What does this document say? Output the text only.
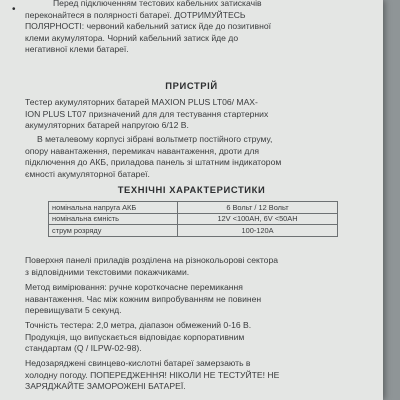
•

Перед підключенням тестових кабельних затискачів
переконайтеся в полярності батареї. ДОТРИМУЙТЕСЬ
ПОЛЯРНОСТІ: червоний кабельний затиск йде до позитивної
клеми акумулятора. Чорний кабельний затиск йде до
негативної клеми батареї.

ПРИСТРІЙ

Тестер акумуляторних батарей MAXION PLUS LT06/ MAX-
ION PLUS LT07 призначений для для тестування стартерних
акумуляторних батарей напругою 6/12 В.

В металевому корпусі зібрані вольтметр постійного струму,
опору навантаження, перемикач навантаження, дроти для
підключення до АКБ, приладова панель зі штатним індикатором
ємності акумуляторної батареї.

ТЕХНІЧНІ ХАРАКТЕРИСТИКИ
номінальна напруга АКБ	6 Вольт / 12 Вольт
номінальна ємність	12V <100AH, 6V <50AH
струм розряду	100-120A

Поверхня панелі приладів розділена на різнокольорові сектора
з відповідними текстовими покажчиками.

Метод вимірювання: ручне короткочасне перемикання
навантаження. Час між кожним випробуванням не повинен
перевищувати 5 секунд.

Точність тестера: 2,0 метра, діапазон обмежений 0-16 В.
Продукція, що випускається відповідає корпоративним
стандартам (Q / ILPW-02-98).

Недозаряджені свинцево-кислотні батареї замерзають в
холодну погоду. ПОПЕРЕДЖЕННЯ! НІКОЛИ НЕ ТЕСТУЙТЕ! НЕ
ЗАРЯДЖАЙТЕ ЗАМОРОЖЕНІ БАТАРЕЇ.
